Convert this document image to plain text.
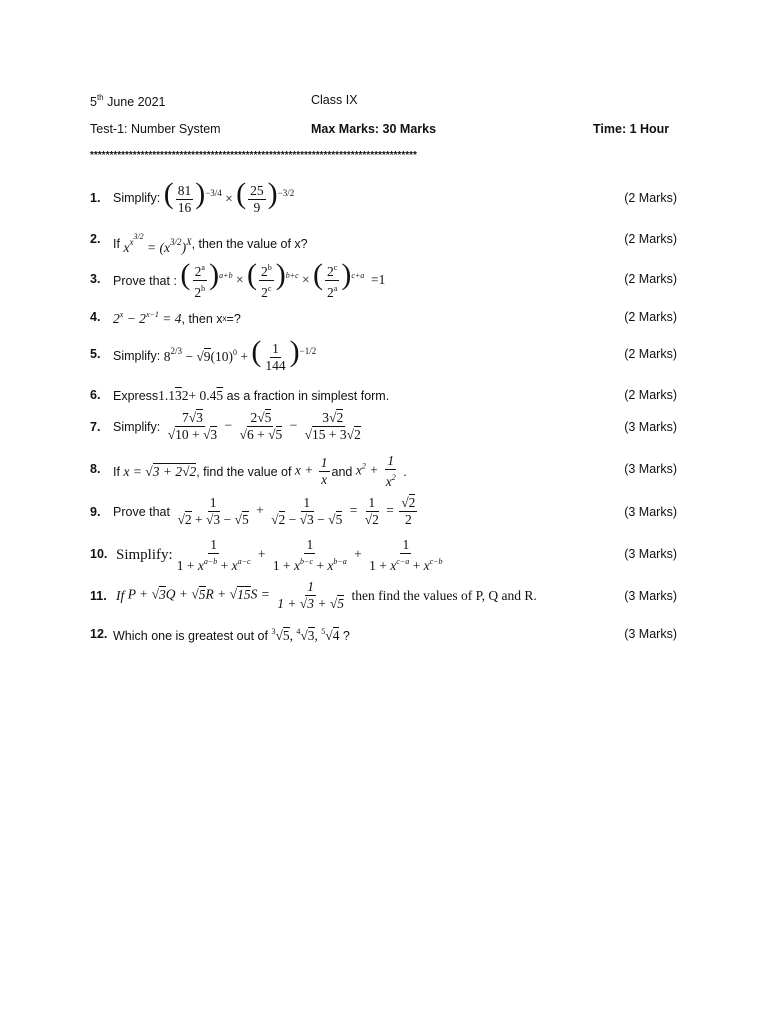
5th June 2021	Class IX
Test-1: Number System	Max Marks: 30 Marks	Time: 1 Hour
************************************************************************************
1. Simplify:
( $\frac{81}{16} )^{-3/4}$ × ( $\frac{25}{9} )^{-3/2}$	(2 Marks)
2. If
$x^{x^{3/2}} = (x^{3/2})^X$ , then the value of x?	(2 Marks)
3. Prove that :
( $\frac{2^a}{2^b} )^{a+b}$ × ( $\frac{2^b}{2^c} )^{b+c}$ × ( $\frac{2^c}{2^a} )^{c+a} =1$	(2 Marks)
4. $2^x - 2^{x-1} = 4$ , then x x =?	(2 Marks)
5. Simplify:
$8^{2/3} - √9(10)^0$ + ( $\frac{1}{144} )^{-1/2}$	(2 Marks)
6. Express 1.132+ 0.45
as a fraction in simplest form.	(2 Marks)
7. Simplify:
$\frac{7√3}{√10 + √3} - \frac{2√5}{√6 + √5} - \frac{3√2}{√15 + 3√2}$	(3 Marks)
8. If
x = √3 + 2√2 , find the value of
$x + \frac{1}{x}$ and
$x^2 + \frac{1}{x^2}$ .	(3 Marks)
9. Prove that
$\frac{1}{√2 + √3 - √5} + \frac{1}{√2 - √3 - √5} = \frac{1}{√2} = \frac{√2}{2}$	(3 Marks)
10. Simplify: $\frac{1}{1 + x^{a-b} + x^{a-c}} + \frac{1}{1 + x^{b-c} + x^{b-a}} + \frac{1}{1 + x^{c-a} + x^{c-b}}$	(3 Marks)
11. If
$P + √3Q + √5R + √15S = \frac{1}{1 + √3 + √5}$
then find the values of P, Q and R.	(3 Marks)
12. Which one is greatest out of
$^3$√5, $^4$√3, $^5$√4 ?	(3 Marks)
